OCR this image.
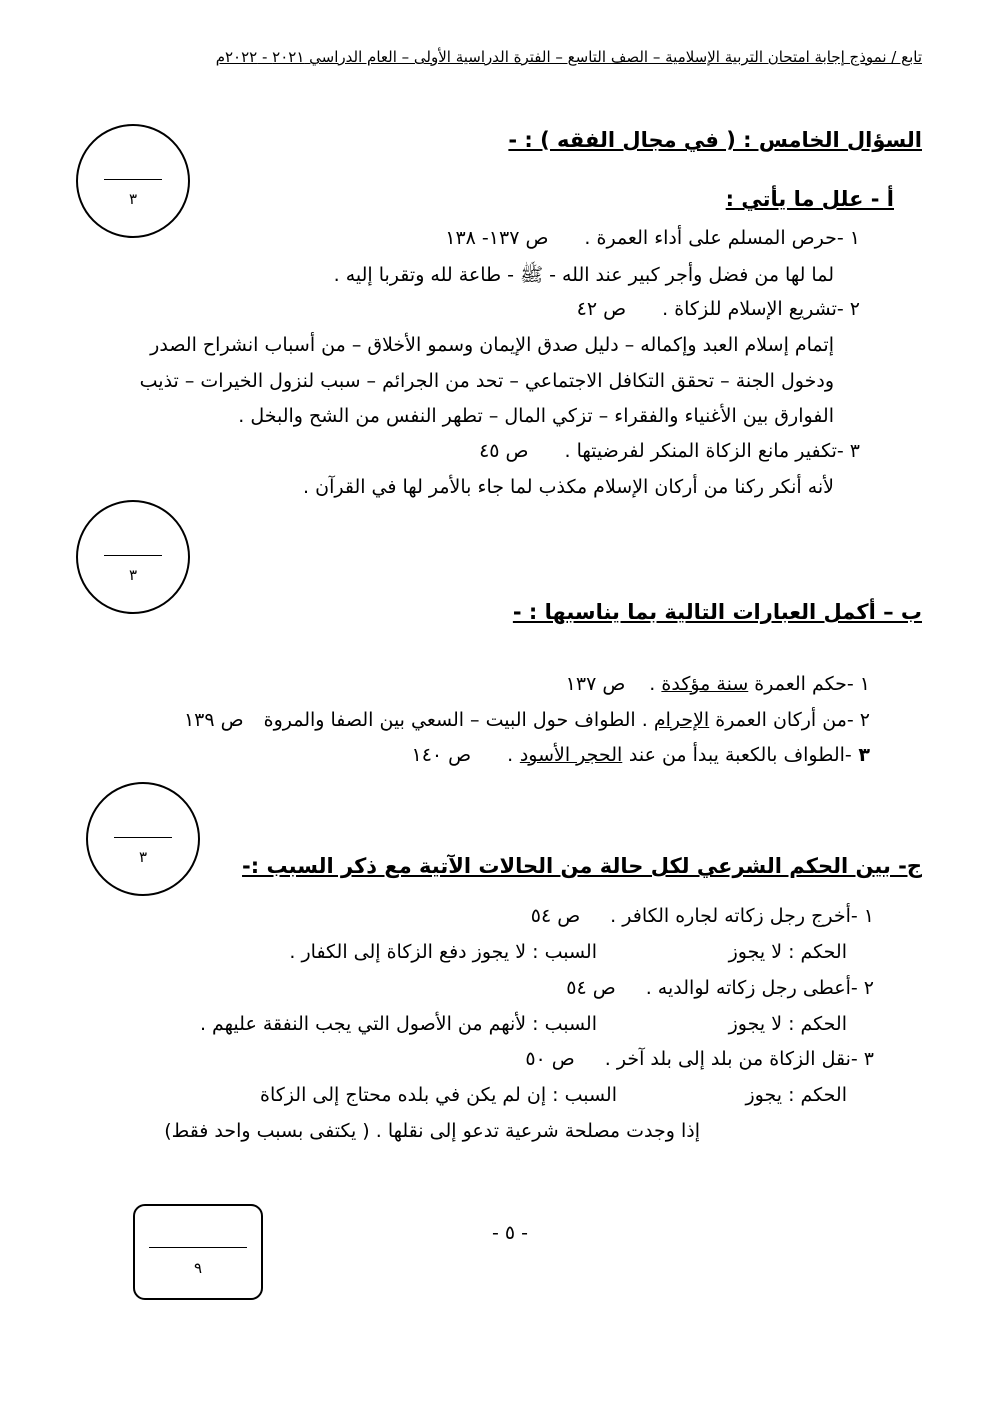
تابع / نموذج إجابة امتحان التربية الإسلامية – الصف التاسع – الفترة الدراسية الأولى – العام الدراسي ٢٠٢١ - ٢٠٢٢م
السؤال الخامس : ( في مجال الفقه ) : -
٣	أ - علل ما يأتي :
١ -حرص المسلم على أداء العمرة .ص ١٣٧- ١٣٨
لما لها من فضل وأجر كبير عند الله - ﷺ - طاعة لله وتقربا إليه .
٢ -تشريع الإسلام للزكاة .ص ٤٢
إتمام إسلام العبد وإكماله – دليل صدق الإيمان وسمو الأخلاق – من أسباب انشراح الصدر
ودخول الجنة – تحقق التكافل الاجتماعي – تحد من الجرائم – سبب لنزول الخيرات – تذيب
الفوارق بين الأغنياء والفقراء – تزكي المال – تطهر النفس من الشح والبخل .
٣ -تكفير مانع الزكاة المنكر لفرضيتها .ص ٤٥
لأنه أنكر ركنا من أركان الإسلام مكذب لما جاء بالأمر لها في القرآن .
٣
ب – أكمل العبارات التالية بما يناسبها : -
١ -حكم العمرة سنة مؤكدة .ص ١٣٧
٢ -من أركان العمرة الإحرام . الطواف حول البيت – السعي بين الصفا والمروةص ١٣٩
٣ -الطواف بالكعبة يبدأ من عند الحجر الأسود .ص ١٤٠
٣	ج- بين الحكم الشرعي لكل حالة من الحالات الآتية مع ذكر السبب :-
١ -أخرج رجل زكاته لجاره الكافر .ص ٥٤
الحكم : لا يجوز
السبب : لا يجوز دفع الزكاة إلى الكفار .
٢ -أعطى رجل زكاته لوالديه .ص ٥٤
الحكم : لا يجوز
السبب : لأنهم من الأصول التي يجب النفقة عليهم .
٣ -نقل الزكاة من بلد إلى بلد آخر .ص ٥٠
الحكم : يجوز
السبب : إن لم يكن في بلده محتاج إلى الزكاة
إذا وجدت مصلحة شرعية تدعو إلى نقلها . ( يكتفى بسبب واحد فقط)
٩
- ٥ -
